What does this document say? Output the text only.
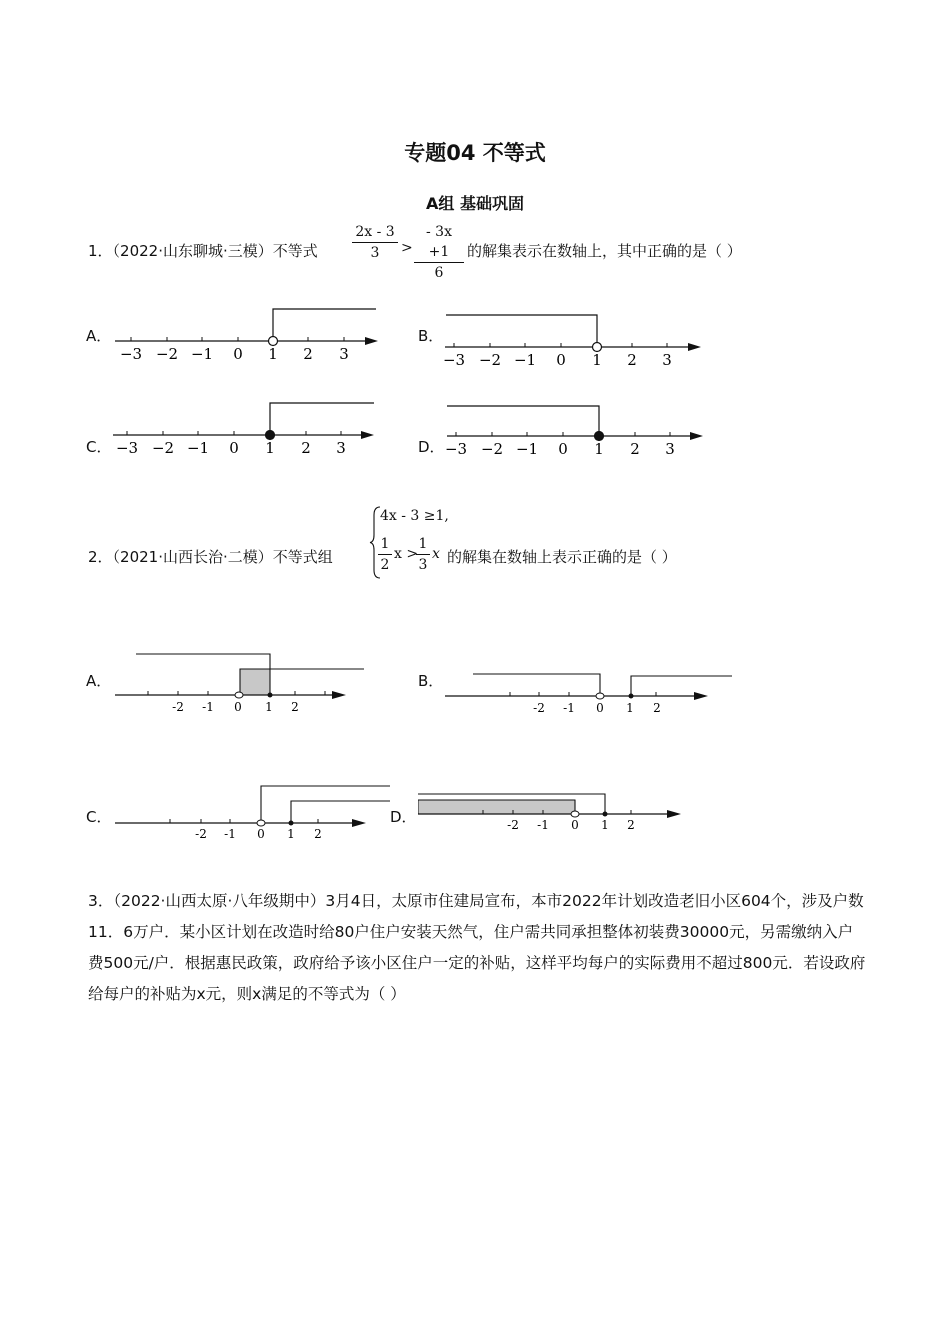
专题04 不等式
A组 基础巩固
1．（2022·山东聊城·三模）不等式
2x - 3
3	>
- 3x +1
6
的解集表示在数轴上，其中正确的是（ ）
A．
−3 −2 −1 0 1 2 3
B．
−3 −2 −1 0 1 2 3
C． −3 −2 −1 0 1 2 3	D． −3 −2 −1 0 1 2 3
2．（2021·山西长治·二模）不等式组
4x - 3 ≥1,
1
2
x >
1
3
x 的解集在数轴上表示正确的是（ ）
A．
-2 -1 0 1 2
B．
-2 -1 0 1 2
C．
-2 -1 0 1 2
D．	-2 -1 0 1 2
3．（2022·山西太原·八年级期中）3月4日，太原市住建局宣布，本市2022年计划改造老旧小区604个，涉及户数11．6万户．某小区计划在改造时给80户住户安装天然气，住户需共同承担整体初装费30000元，另需缴纳入户费500元/户．根据惠民政策，政府给予该小区住户一定的补贴，这样平均每户的实际费用不超过800元．若设政府给每户的补贴为x元，则x满足的不等式为（ ）
